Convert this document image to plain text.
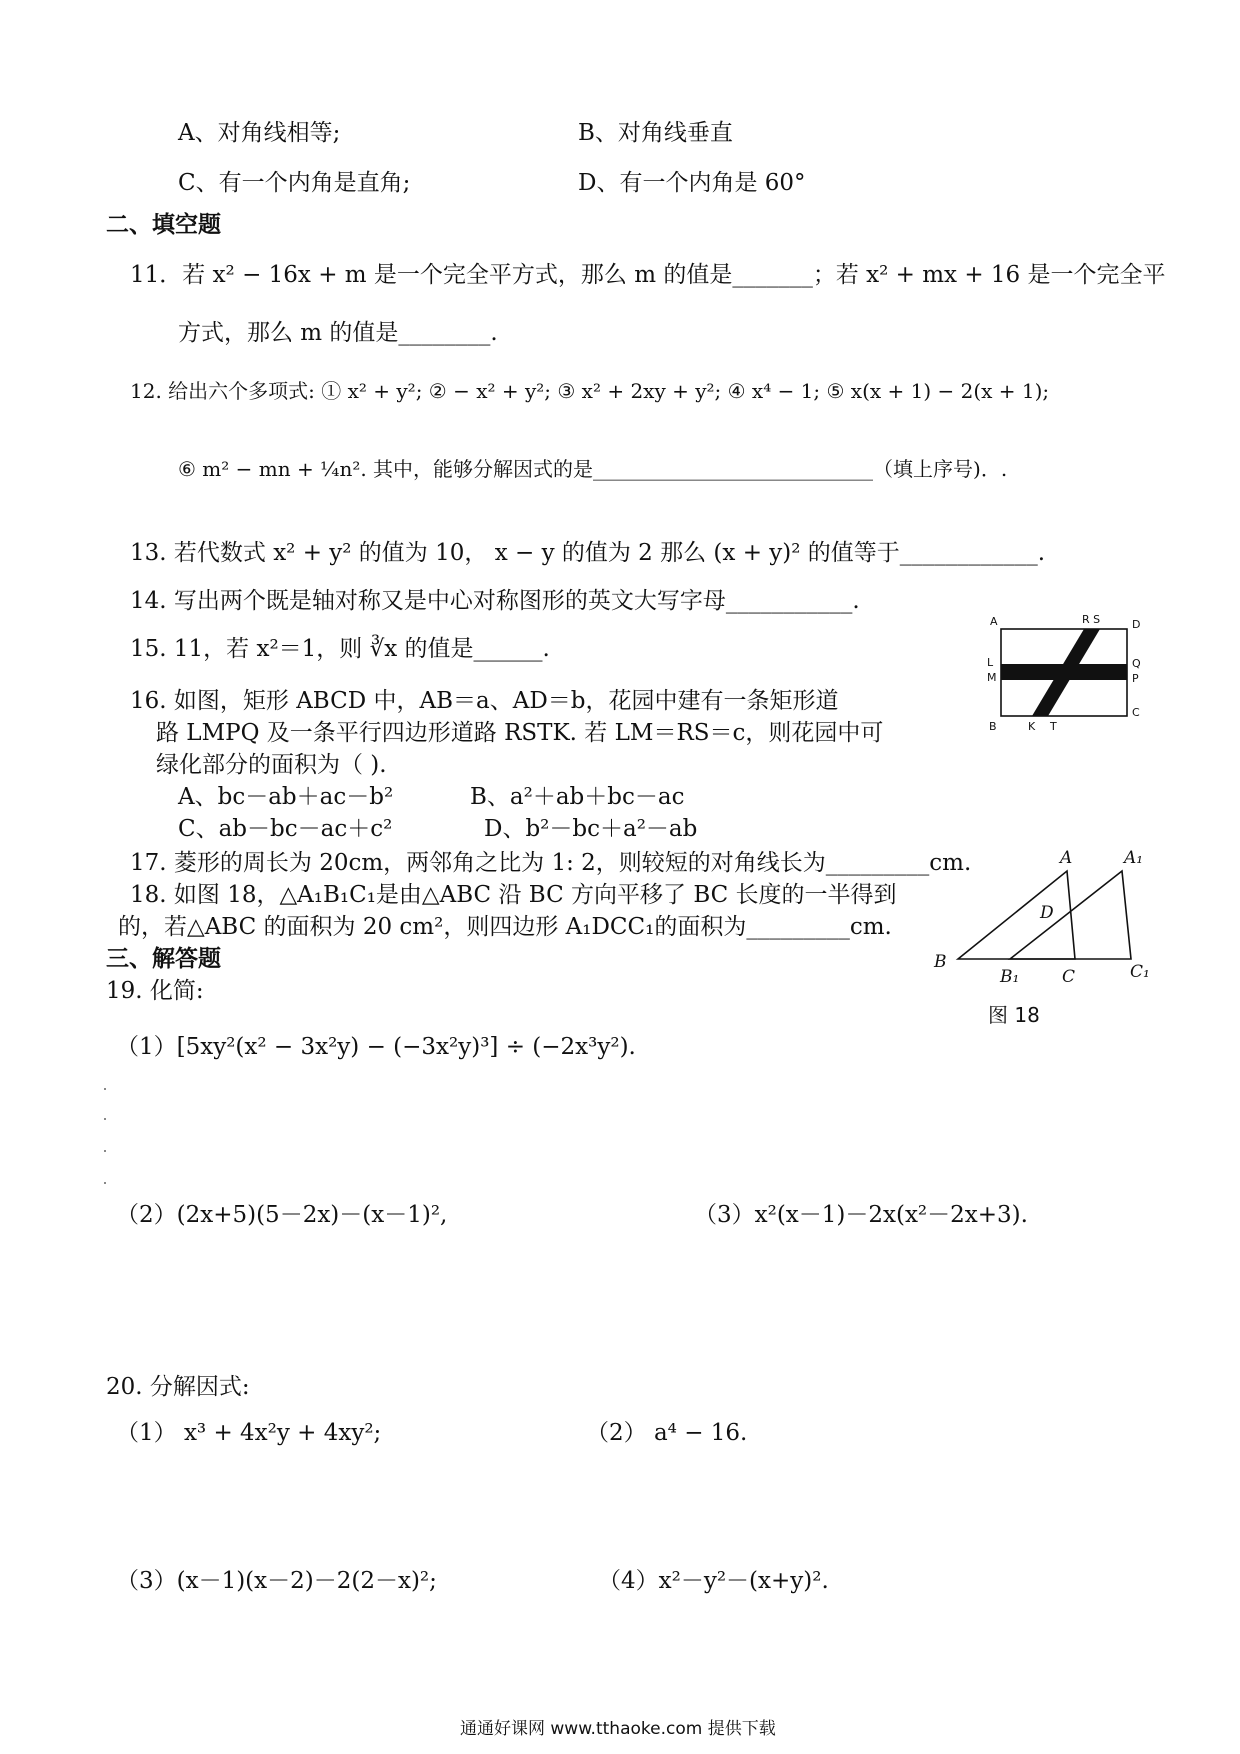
A、对角线相等;	B、对角线垂直
C、有一个内角是直角;	D、有一个内角是 60°
二、填空题
11．若 x² − 16x + m 是一个完全平方式，那么 m 的值是_______；若 x² + mx + 16 是一个完全平
方式，那么 m 的值是________.
12. 给出六个多项式: ① x² + y²; ② − x² + y²; ③ x² + 2xy + y²; ④ x⁴ − 1; ⑤ x(x + 1) − 2(x + 1);
⑥ m² − mn + ¼n². 其中，能够分解因式的是____________________________（填上序号)．.
13. 若代数式 x² + y² 的值为 10， x − y 的值为 2 那么 (x + y)² 的值等于____________.
14. 写出两个既是轴对称又是中心对称图形的英文大写字母___________.
15. 11，若 x²＝1，则 ∛x 的值是______.
16. 如图，矩形 ABCD 中，AB＝a、AD＝b，花园中建有一条矩形道
路 LMPQ 及一条平行四边形道路 RSTK. 若 LM＝RS＝c，则花园中可
绿化部分的面积为（ ).
A、bc－ab＋ac－b²	B、a²＋ab＋bc－ac
C、ab－bc－ac＋c²	D、b²－bc＋a²－ab
17. 菱形的周长为 20cm，两邻角之比为 1: 2，则较短的对角线长为_________cm.
18. 如图 18，△A₁B₁C₁是由△ABC 沿 BC 方向平移了 BC 长度的一半得到
的，若△ABC 的面积为 20 cm²，则四边形 A₁DCC₁的面积为_________cm.
三、解答题
19. 化简:
（1）[5xy²(x² − 3x²y) − (−3x²y)³] ÷ (−2x³y²).
（2）(2x+5)(5－2x)－(x－1)²,	（3）x²(x－1)－2x(x²－2x+3).
20. 分解因式:
（1） x³ + 4x²y + 4xy²;	（2） a⁴ − 16.
（3）(x－1)(x－2)－2(2－x)²;	（4）x²－y²－(x+y)².
A	R S	D
L
M
Q
P
C
B	K T
A	A₁
D
B
B₁	C	C₁
图 18
通通好课网 www.tthaoke.com 提供下载
